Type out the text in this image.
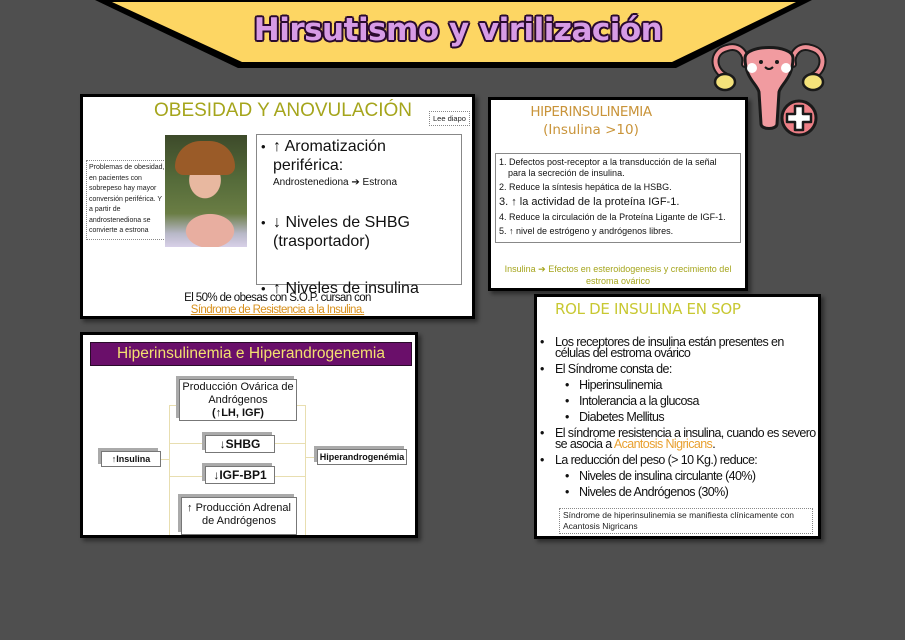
Hirsutismo y virilización
OBESIDAD Y ANOVULACIÓN	Lee diapo
Problemas de obesidad, en pacientes con sobrepeso hay mayor conversión periférica. Y a partir de androstenediona se convierte a estrona
• ↑ Aromatización periférica:
Androstenediona ➔ Estrona
• ↓ Niveles de SHBG (trasportador)
• ↑ Niveles de insulina
El 50% de obesas con S.O.P. cursan con
Síndrome de Resistencia a la Insulina.
HIPERINSULINEMIA
(Insulina >10)
1. Defectos post-receptor a la transducción de la señal para la secreción de insulina.
2. Reduce la síntesis hepática de la HSBG.
3. ↑ la actividad de la proteína IGF-1.
4. Reduce la circulación de la Proteína Ligante de IGF-1.
5. ↑ nivel de estrógeno y andrógenos libres.
Insulina ➔ Efectos en esteroidogenesis y crecimiento del estroma ovárico
Hiperinsulinemia e Hiperandrogenemia
Producción Ovárica de
Andrógenos
(↑LH, IGF)
↓SHBG
↓IGF-BP1
↑ Producción Adrenal
de Andrógenos
↑Insulina	Hiperandrogenémia
ROL DE INSULINA EN SOP
• Los receptores de insulina están presentes en células del estroma ovárico
• El Síndrome consta de:
• Hiperinsulinemia
• Intolerancia a la glucosa
• Diabetes Mellitus
• El síndrome resistencia a insulina, cuando es severo se asocia a Acantosis Nigricans.
• La reducción del peso (> 10 Kg.) reduce:
• Niveles de insulina circulante (40%)
• Niveles de Andrógenos (30%)
Síndrome de hiperinsulinemia se manifiesta clínicamente con Acantosis Nigricans
